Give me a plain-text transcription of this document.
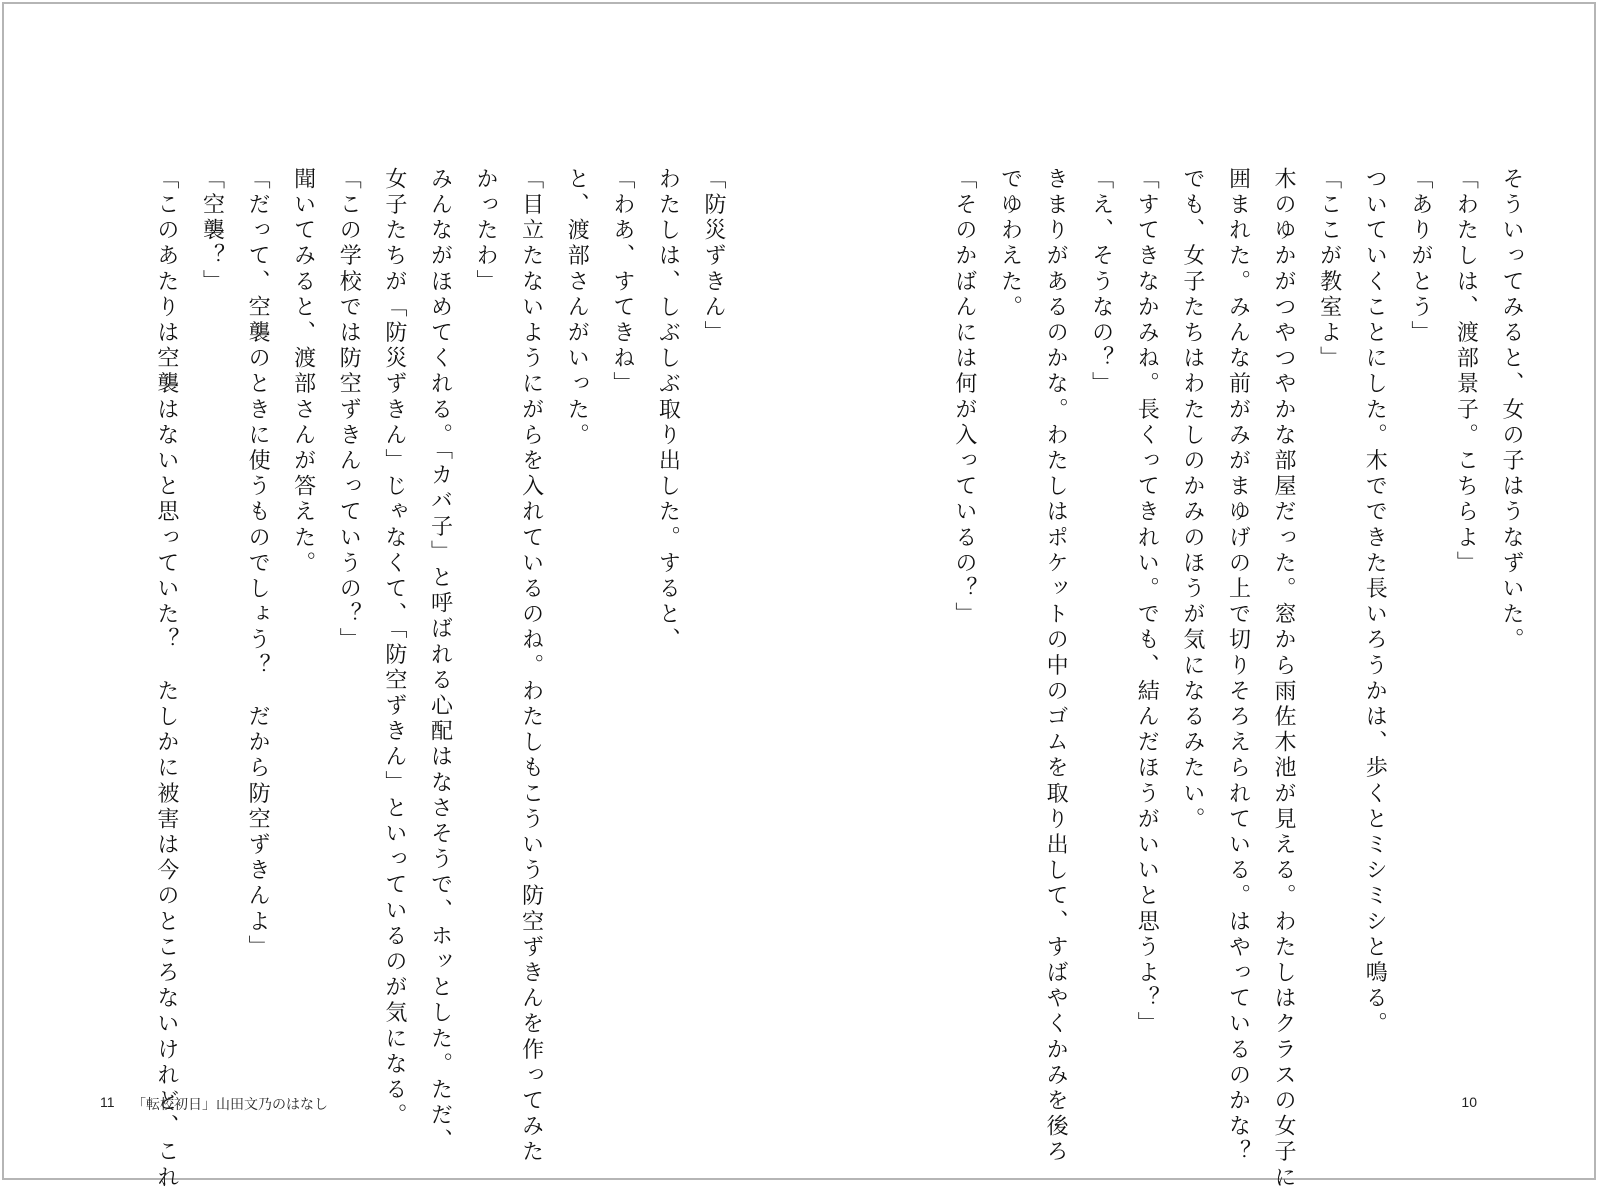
「防災ずきん」
わたしは、しぶしぶ取り出した。すると、
「わあ、すてきね」
と、渡部さんがいった。
「目立たないようにがらを入れているのね。わたしもこういう防空ずきんを作ってみた
かったわ」
みんながほめてくれる。「カバ子」と呼ばれる心配はなさそうで、ホッとした。ただ、
女子たちが「防災ずきん」じゃなくて、「防空ずきん」といっているのが気になる。
「この学校では防空ずきんっていうの？」
聞いてみると、渡部さんが答えた。
「だって、空襲のときに使うものでしょう？　だから防空ずきんよ」
「空襲？」
「このあたりは空襲はないと思っていた？　たしかに被害は今のところないけれど、これ
11 「転校初日」山田文乃のはなし
そういってみると、女の子はうなずいた。
「わたしは、渡部景子。こちらよ」
「ありがとう」
ついていくことにした。木でできた長いろうかは、歩くとミシミシと鳴る。
「ここが教室よ」
木のゆかがつやつやかな部屋だった。窓から雨佐木池が見える。わたしはクラスの女子に
囲まれた。みんな前がみがまゆげの上で切りそろえられている。はやっているのかな？
でも、女子たちはわたしのかみのほうが気になるみたい。
「すてきなかみね。長くってきれい。でも、結んだほうがいいと思うよ？」
「え、そうなの？」
きまりがあるのかな。わたしはポケットの中のゴムを取り出して、すばやくかみを後ろ
でゆわえた。
「そのかばんには何が入っているの？」
10
